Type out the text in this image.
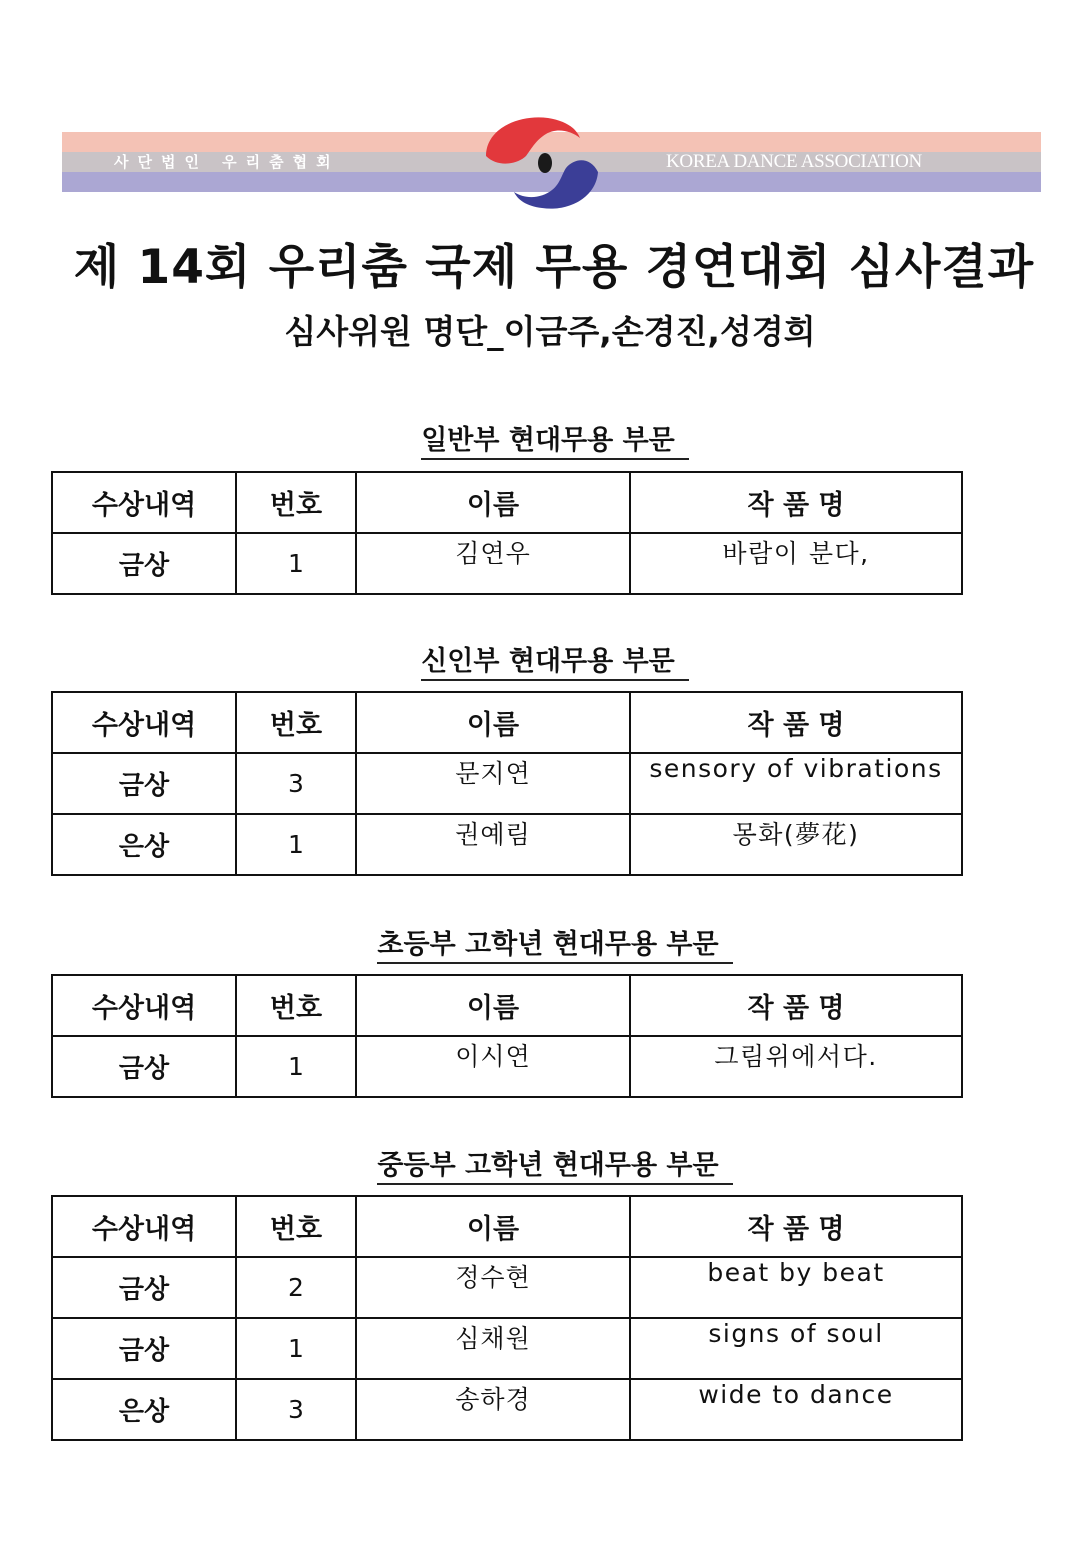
사단법인 우리춤협회	KOREA DANCE ASSOCIATION
제 14회 우리춤 국제 무용 경연대회 심사결과
심사위원 명단_이금주,손경진,성경희
일반부 현대무용 부문
수상내역	번호	이름	작 품 명
금상	1	김연우	바람이 분다,
신인부 현대무용 부문
수상내역	번호	이름	작 품 명
금상	3	문지연	sensory of vibrations
은상	1	권예림	몽화(夢花)
초등부 고학년 현대무용 부문
수상내역	번호	이름	작 품 명
금상	1	이시연	그림위에서다.
중등부 고학년 현대무용 부문
수상내역	번호	이름	작 품 명
금상	2	정수현	beat by beat
금상	1	심채원	signs of soul
은상	3	송하경	wide to dance
